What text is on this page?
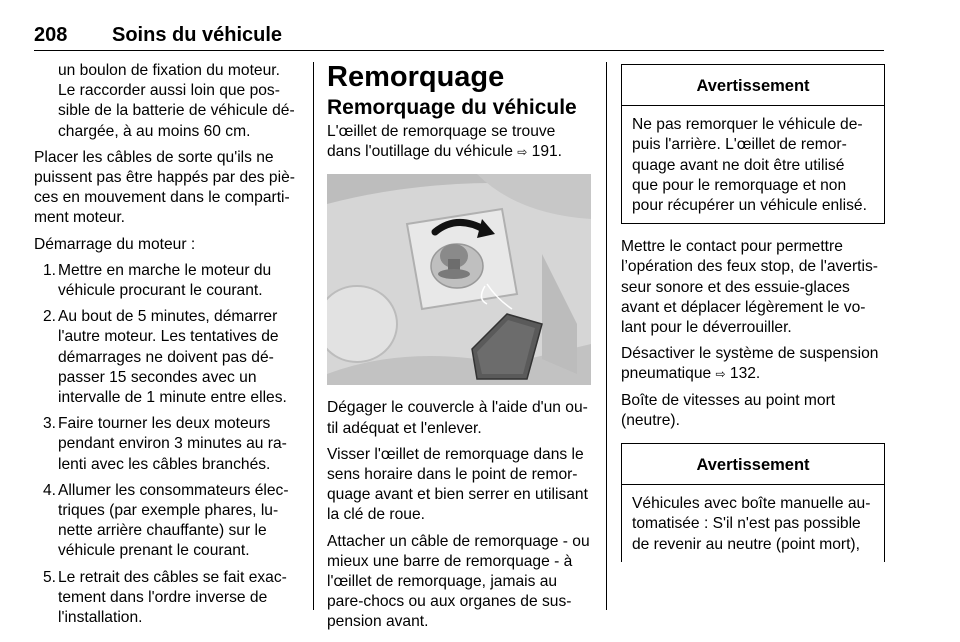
208 Soins du véhicule
un boulon de fixation du moteur.
Le raccorder aussi loin que pos-
sible de la batterie de véhicule dé-
chargée, à au moins 60 cm.
Placer les câbles de sorte qu'ils ne
puissent pas être happés par des piè-
ces en mouvement dans le comparti-
ment moteur.
Démarrage du moteur :
1. Mettre en marche le moteur du
véhicule procurant le courant.
2. Au bout de 5 minutes, démarrer
l'autre moteur. Les tentatives de
démarrages ne doivent pas dé-
passer 15 secondes avec un
intervalle de 1 minute entre elles.
3. Faire tourner les deux moteurs
pendant environ 3 minutes au ra-
lenti avec les câbles branchés.
4. Allumer les consommateurs élec-
triques (par exemple phares, lu-
nette arrière chauffante) sur le
véhicule prenant le courant.
5. Le retrait des câbles se fait exac-
tement dans l'ordre inverse de
l'installation.
Remorquage
Remorquage du véhicule
L'œillet de remorquage se trouve
dans l'outillage du véhicule ⇨ 191.
Dégager le couvercle à l'aide d'un ou-
til adéquat et l'enlever.
Visser l'œillet de remorquage dans le
sens horaire dans le point de remor-
quage avant et bien serrer en utilisant
la clé de roue.
Attacher un câble de remorquage - ou
mieux une barre de remorquage - à
l'œillet de remorquage, jamais au
pare-chocs ou aux organes de sus-
pension avant.
Avertissement
Ne pas remorquer le véhicule de-
puis l'arrière. L'œillet de remor-
quage avant ne doit être utilisé
que pour le remorquage et non
pour récupérer un véhicule enlisé.
Mettre le contact pour permettre
l’opération des feux stop, de l'avertis-
seur sonore et des essuie-glaces
avant et déplacer légèrement le vo-
lant pour le déverrouiller.
Désactiver le système de suspension
pneumatique ⇨ 132.
Boîte de vitesses au point mort
(neutre).
Avertissement
Véhicules avec boîte manuelle au-
tomatisée : S'il n'est pas possible
de revenir au neutre (point mort),
